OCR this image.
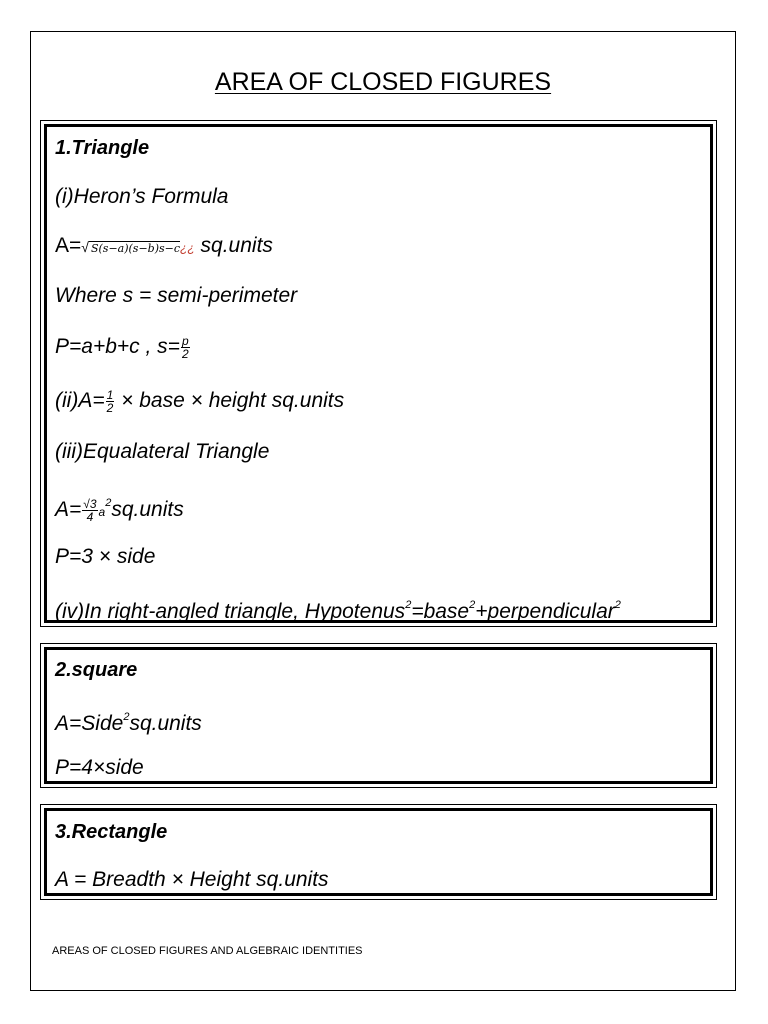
AREA OF CLOSED FIGURES
1.Triangle
(i)Heron’s Formula
A=√ S(s−a)(s−b)s−c¿¿ sq.units
Where s = semi-perimeter
P=a+b+c , $s= \frac{p}{2}$
$(ii)A= \frac{1}{2}$ × base × height sq.units
(iii)Equalateral Triangle
$A= \frac{√3}{4}$ $a^2sq.units$
P=3 × side
(iv)In right-angled triangle, Hypotenus$^2$=base$^2$+perpendicular$^2$
2.square
A=Side$^2$sq.units
P=4×side
3.Rectangle
A = Breadth × Height sq.units
AREAS OF CLOSED FIGURES AND ALGEBRAIC IDENTITIES
